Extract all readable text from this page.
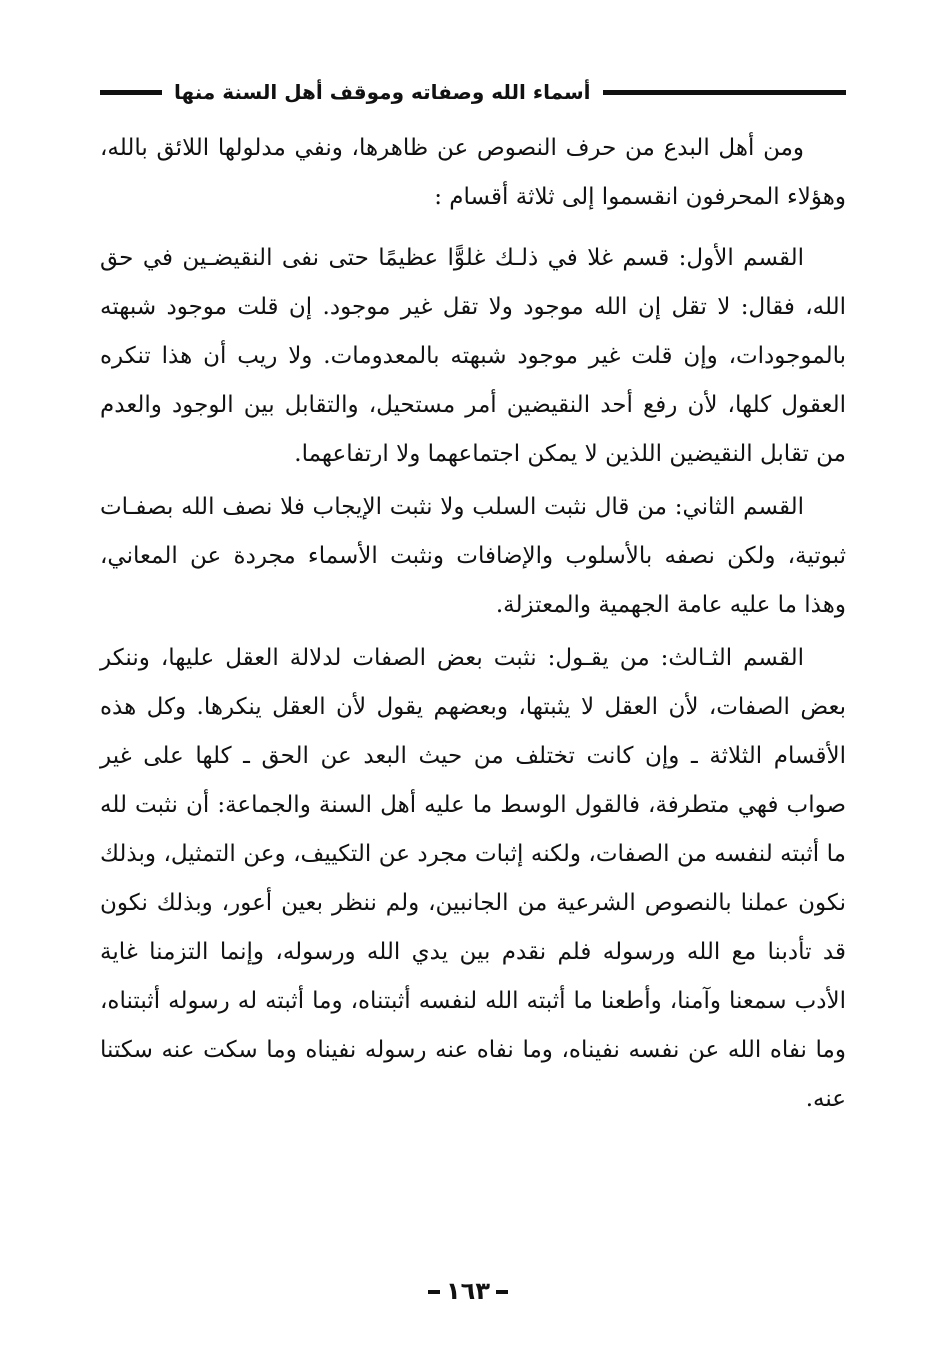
أسماء الله وصفاته وموقف أهل السنة منها

ومن أهل البدع من حرف النصوص عن ظاهرها، ونفي مدلولها اللائق بالله، وهؤلاء المحرفون انقسموا إلى ثلاثة أقسام :

القسم الأول: قسم غلا في ذلـك غلوًّا عظيمًا حتى نفى النقيضـين في حق الله، فقال: لا تقل إن الله موجود ولا تقل غير موجود. إن قلت موجود شبهته بالموجودات، وإن قلت غير موجود شبهته بالمعدومات. ولا ريب أن هذا تنكره العقول كلها، لأن رفع أحد النقيضين أمر مستحيل، والتقابل بين الوجود والعدم من تقابل النقيضين اللذين لا يمكن اجتماعهما ولا ارتفاعهما.

القسم الثاني: من قال نثبت السلب ولا نثبت الإيجاب فلا نصف الله بصفـات ثبوتية، ولكن نصفه بالأسلوب والإضافات ونثبت الأسماء مجردة عن المعاني، وهذا ما عليه عامة الجهمية والمعتزلة.

القسم الثـالث: من يقـول: نثبت بعض الصفات لدلالة العقل عليها، وننكر بعض الصفات، لأن العقل لا يثبتها، وبعضهم يقول لأن العقل ينكرها. وكل هذه الأقسام الثلاثة ـ وإن كانت تختلف من حيث البعد عن الحق ـ كلها على غير صواب فهي متطرفة، فالقول الوسط ما عليه أهل السنة والجماعة: أن نثبت لله ما أثبته لنفسه من الصفات، ولكنه إثبات مجرد عن التكييف، وعن التمثيل، وبذلك نكون عملنا بالنصوص الشرعية من الجانبين، ولم ننظر بعين أعور، وبذلك نكون قد تأدبنا مع الله ورسوله فلم نقدم بين يدي الله ورسوله، وإنما التزمنا غاية الأدب سمعنا وآمنا، وأطعنا ما أثبته الله لنفسه أثبتناه، وما أثبته له رسوله أثبتناه، وما نفاه الله عن نفسه نفيناه، وما نفاه عنه رسوله نفيناه وما سكت عنه سكتنا عنه.

١٦٣
